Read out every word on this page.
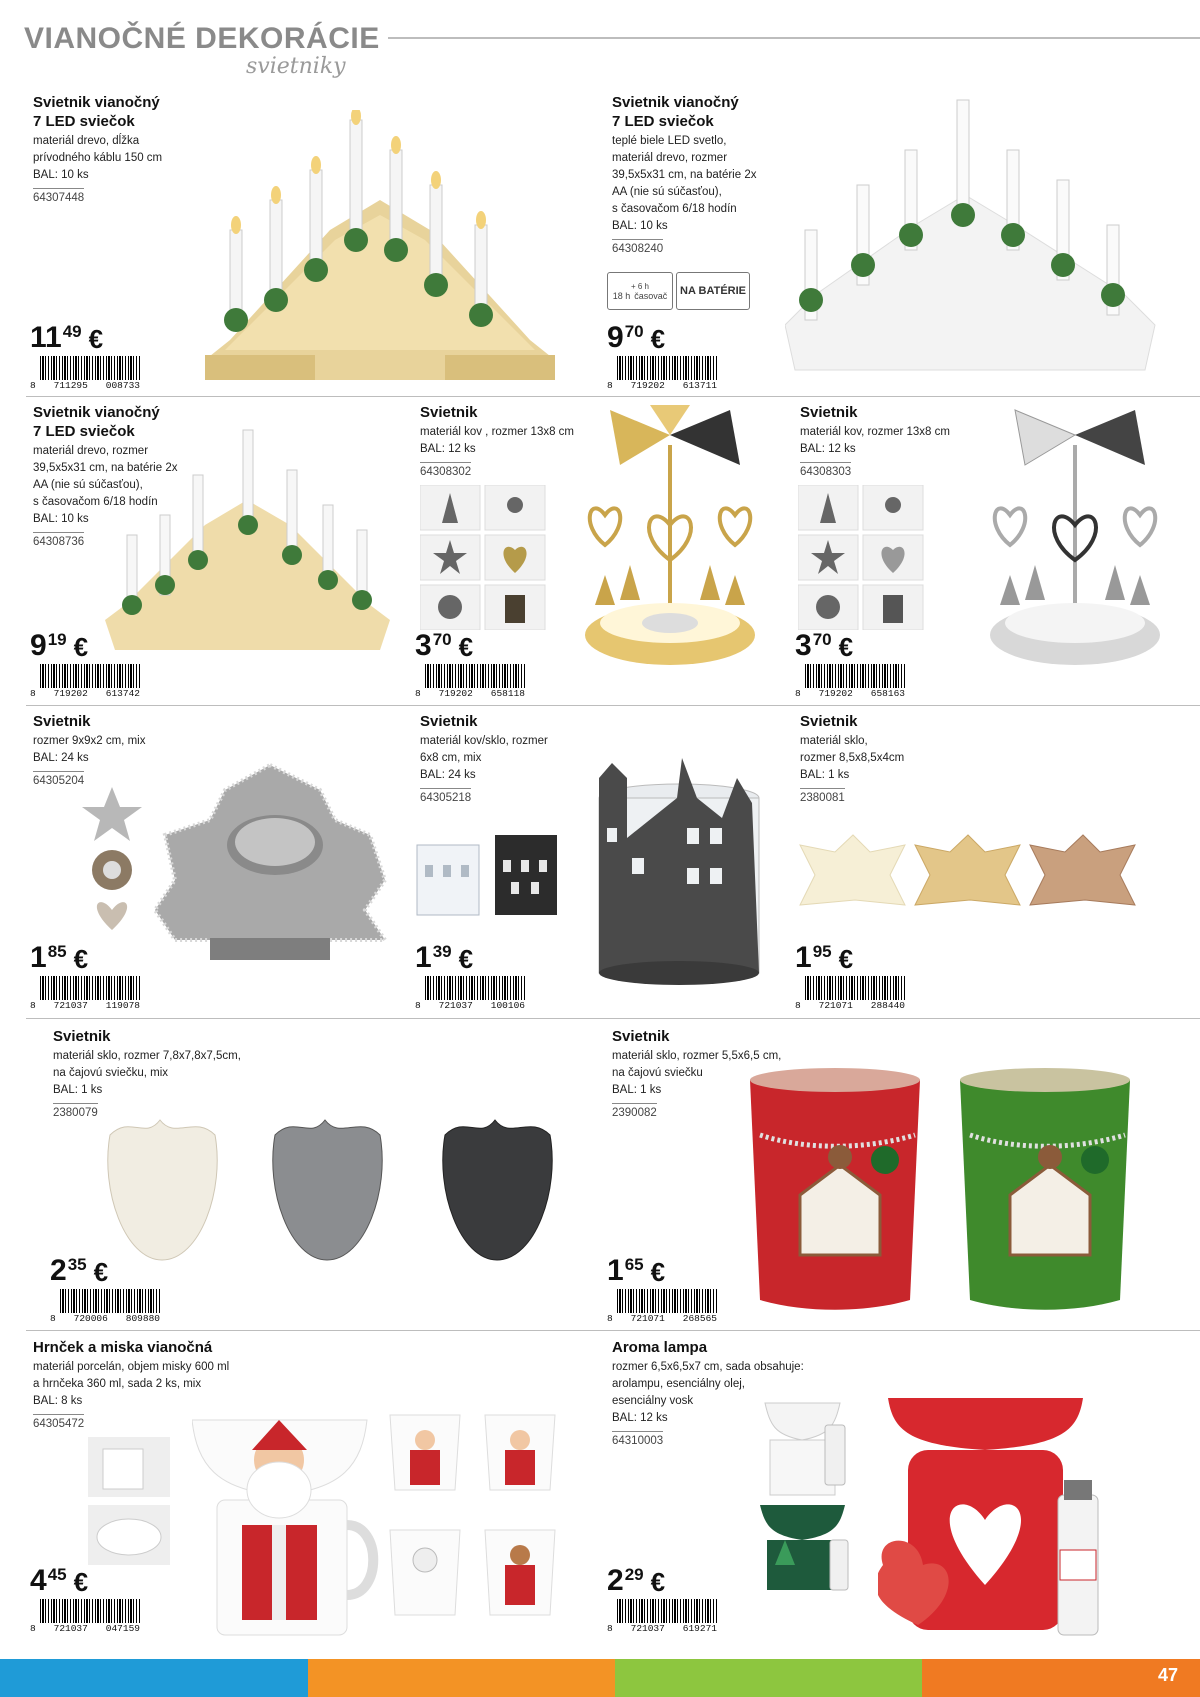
VIANOČNÉ DEKORÁCIE
svietniky
+ 6 h
18 h časovač	NA BATÉRIE
Svietnik vianočný
7 LED sviečok
materiál drevo, dĺžka
prívodného káblu 150 cm
BAL: 10 ks
64307448
11 49 €
8 711295 008733
Svietnik vianočný
7 LED sviečok
teplé biele LED svetlo,
materiál drevo, rozmer
39,5x5x31 cm, na batérie 2x
AA (nie sú súčasťou),
s časovačom 6/18 hodín
BAL: 10 ks
64308240
9 70 €
8 719202 613711
Svietnik vianočný
7 LED sviečok
materiál drevo, rozmer
39,5x5x31 cm, na batérie 2x
AA (nie sú súčasťou),
s časovačom 6/18 hodín
BAL: 10 ks
64308736
9 19 €
8 719202 613742
Svietnik
materiál kov , rozmer 13x8 cm
BAL: 12 ks
64308302
3 70 €
8 719202 658118
Svietnik
materiál kov, rozmer 13x8 cm
BAL: 12 ks
64308303
3 70 €
8 719202 658163
Svietnik
rozmer 9x9x2 cm, mix
BAL: 24 ks
64305204
1 85 €
8 721037 119078
Svietnik
materiál kov/sklo, rozmer
6x8 cm, mix
BAL: 24 ks
64305218
1 39 €
8 721037 100106
Svietnik
materiál sklo,
rozmer 8,5x8,5x4cm
BAL: 1 ks
2380081
1 95 €
8 721071 288440
Svietnik
materiál sklo, rozmer 7,8x7,8x7,5cm,
na čajovú sviečku, mix
BAL: 1 ks
2380079
2 35 €
8 720006 809880
Svietnik
materiál sklo, rozmer 5,5x6,5 cm,
na čajovú sviečku
BAL: 1 ks
2390082
1 65 €
8 721071 268565
Hrnček a miska vianočná
materiál porcelán, objem misky 600 ml
a hrnčeka 360 ml, sada 2 ks, mix
BAL: 8 ks
64305472
4 45 €
8 721037 047159
Aroma lampa
rozmer 6,5x6,5x7 cm, sada obsahuje:
arolampu, esenciálny olej,
esenciálny vosk
BAL: 12 ks
64310003
2 29 €
8 721037 619271
47
